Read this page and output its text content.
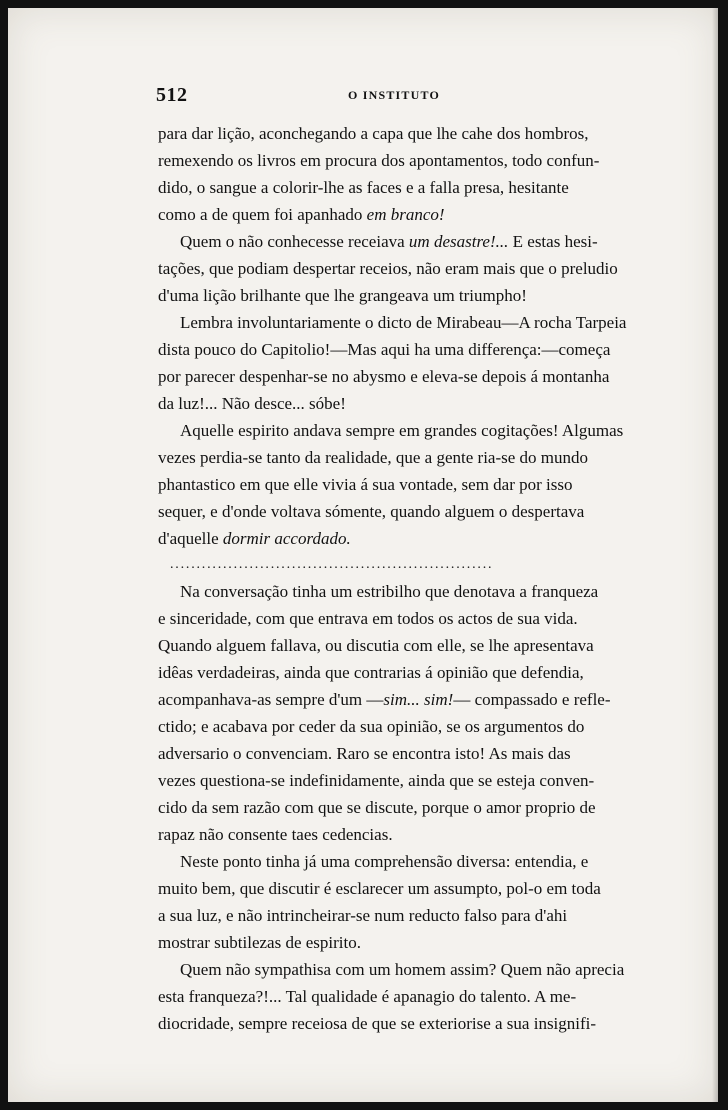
512	O INSTITUTO
para dar lição, aconchegando a capa que lhe cahe dos hombros,
remexendo os livros em procura dos apontamentos, todo confun-
dido, o sangue a colorir-lhe as faces e a falla presa, hesitante
como a de quem foi apanhado em branco!
Quem o não conhecesse receiava um desastre!... E estas hesi-
tações, que podiam despertar receios, não eram mais que o preludio
d'uma lição brilhante que lhe grangeava um triumpho!
Lembra involuntariamente o dicto de Mirabeau—A rocha Tarpeia
dista pouco do Capitolio!—Mas aqui ha uma differença:—começa
por parecer despenhar-se no abysmo e eleva-se depois á montanha
da luz!... Não desce... sóbe!
Aquelle espirito andava sempre em grandes cogitações! Algumas
vezes perdia-se tanto da realidade, que a gente ria-se do mundo
phantastico em que elle vivia á sua vontade, sem dar por isso
sequer, e d'onde voltava sómente, quando alguem o despertava
d'aquelle dormir accordado.
.............................................................
Na conversação tinha um estribilho que denotava a franqueza
e sinceridade, com que entrava em todos os actos de sua vida.
Quando alguem fallava, ou discutia com elle, se lhe apresentava
idêas verdadeiras, ainda que contrarias á opinião que defendia,
acompanhava-as sempre d'um —sim... sim!— compassado e refle-
ctido; e acabava por ceder da sua opinião, se os argumentos do
adversario o convenciam. Raro se encontra isto! As mais das
vezes questiona-se indefinidamente, ainda que se esteja conven-
cido da sem razão com que se discute, porque o amor proprio de
rapaz não consente taes cedencias.
Neste ponto tinha já uma comprehensão diversa: entendia, e
muito bem, que discutir é esclarecer um assumpto, pol-o em toda
a sua luz, e não intrincheirar-se num reducto falso para d'ahi
mostrar subtilezas de espirito.
Quem não sympathisa com um homem assim? Quem não aprecia
esta franqueza?!... Tal qualidade é apanagio do talento. A me-
diocridade, sempre receiosa de que se exteriorise a sua insignifi-
